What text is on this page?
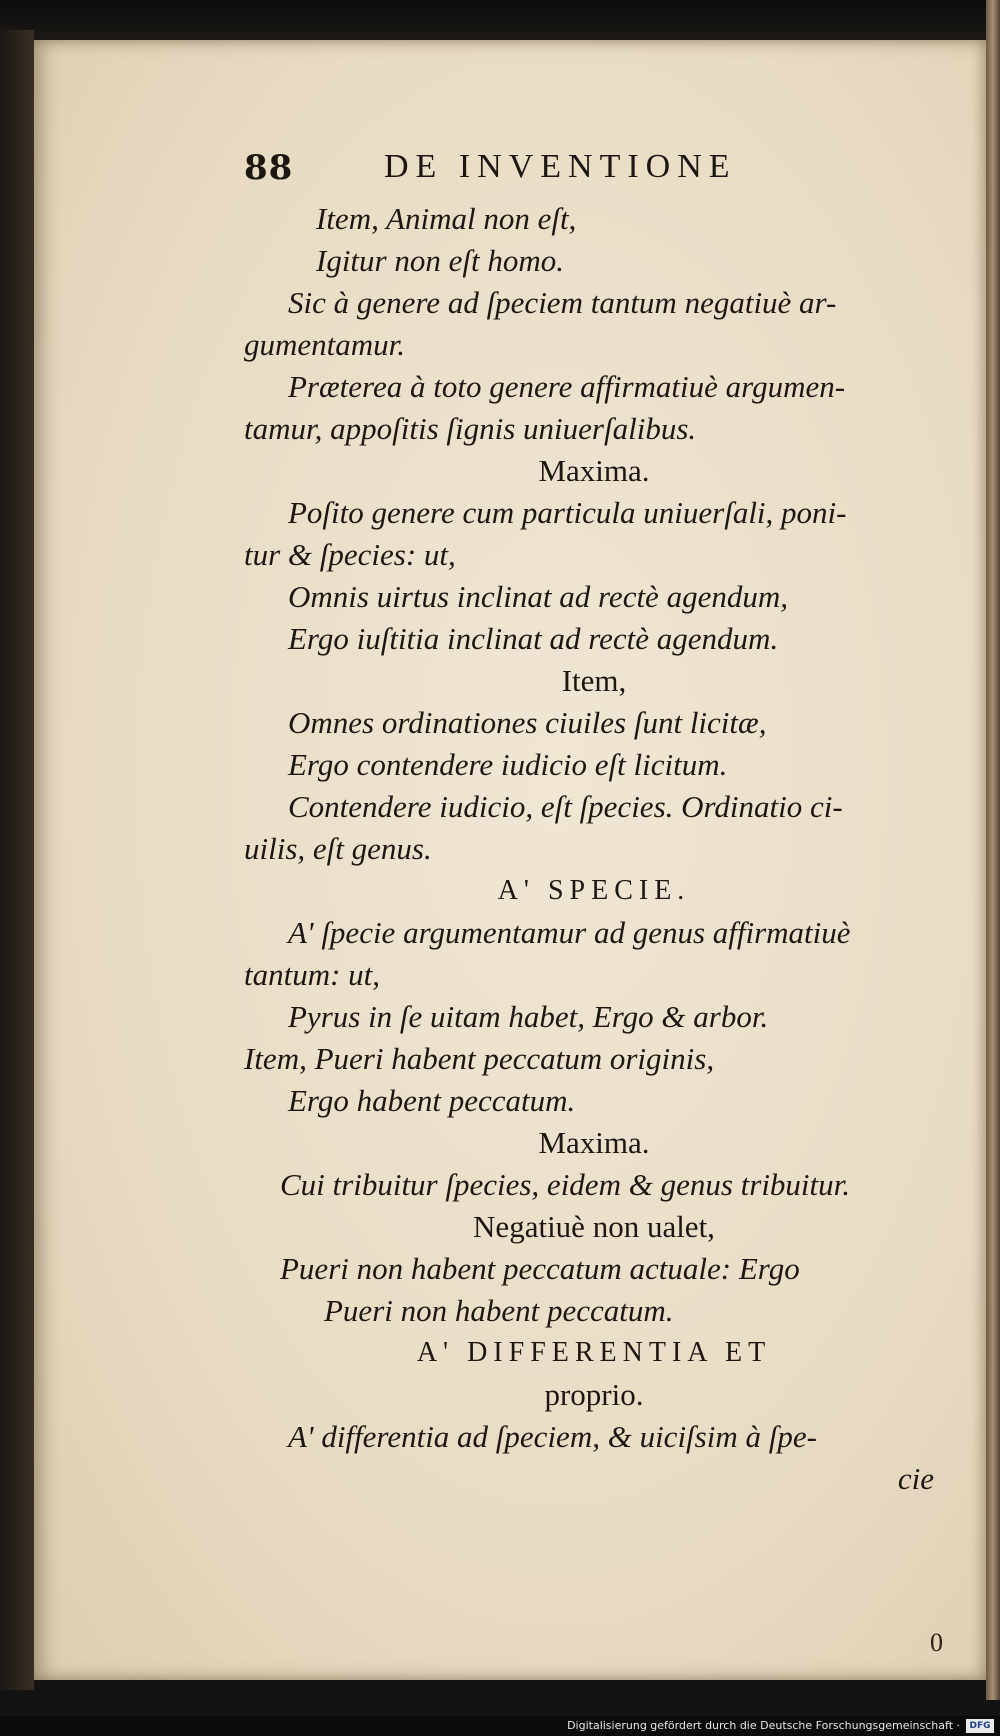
88	DE INVENTIONE
Item, Animal non eſt,
Igitur non eſt homo.
Sic à genere ad ſpeciem tantum negatiuè ar-
gumentamur.
Præterea à toto genere affirmatiuè argumen-
tamur, appoſitis ſignis uniuerſalibus.
Maxima.
Poſito genere cum particula uniuerſali, poni-
tur & ſpecies: ut,
Omnis uirtus inclinat ad rectè agendum,
Ergo iuſtitia inclinat ad rectè agendum.
Item,
Omnes ordinationes ciuiles ſunt licitæ,
Ergo contendere iudicio eſt licitum.
Contendere iudicio, eſt ſpecies. Ordinatio ci-
uilis, eſt genus.
A' SPECIE.
A' ſpecie argumentamur ad genus affirmatiuè
tantum: ut,
Pyrus in ſe uitam habet, Ergo & arbor.
Item, Pueri habent peccatum originis,
Ergo habent peccatum.
Maxima.
Cui tribuitur ſpecies, eidem & genus tribuitur.
Negatiuè non ualet,
Pueri non habent peccatum actuale: Ergo
Pueri non habent peccatum.
A' DIFFERENTIA ET
proprio.
A' differentia ad ſpeciem, & uiciſsim à ſpe-
cie
0
Digitalisierung gefördert durch die Deutsche Forschungsgemeinschaft ·	DFG
